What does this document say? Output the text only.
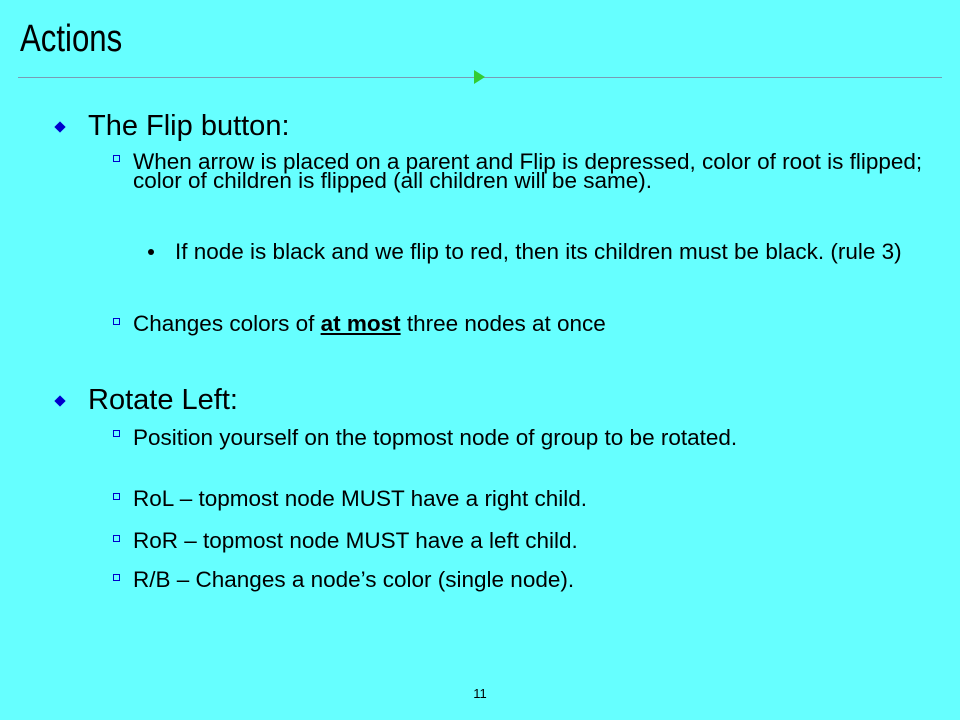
Actions
The Flip button:
When arrow is placed on a parent and Flip is depressed, color of root is flipped; color of children is flipped (all children will be same).
If node is black and we flip to red, then its children must be black. (rule 3)
Changes colors of at most three nodes at once
Rotate Left:
Position yourself on the topmost node of group to be rotated.
RoL – topmost node MUST have a right child.
RoR – topmost node MUST have a left child.
R/B – Changes a node’s color (single node).
11
